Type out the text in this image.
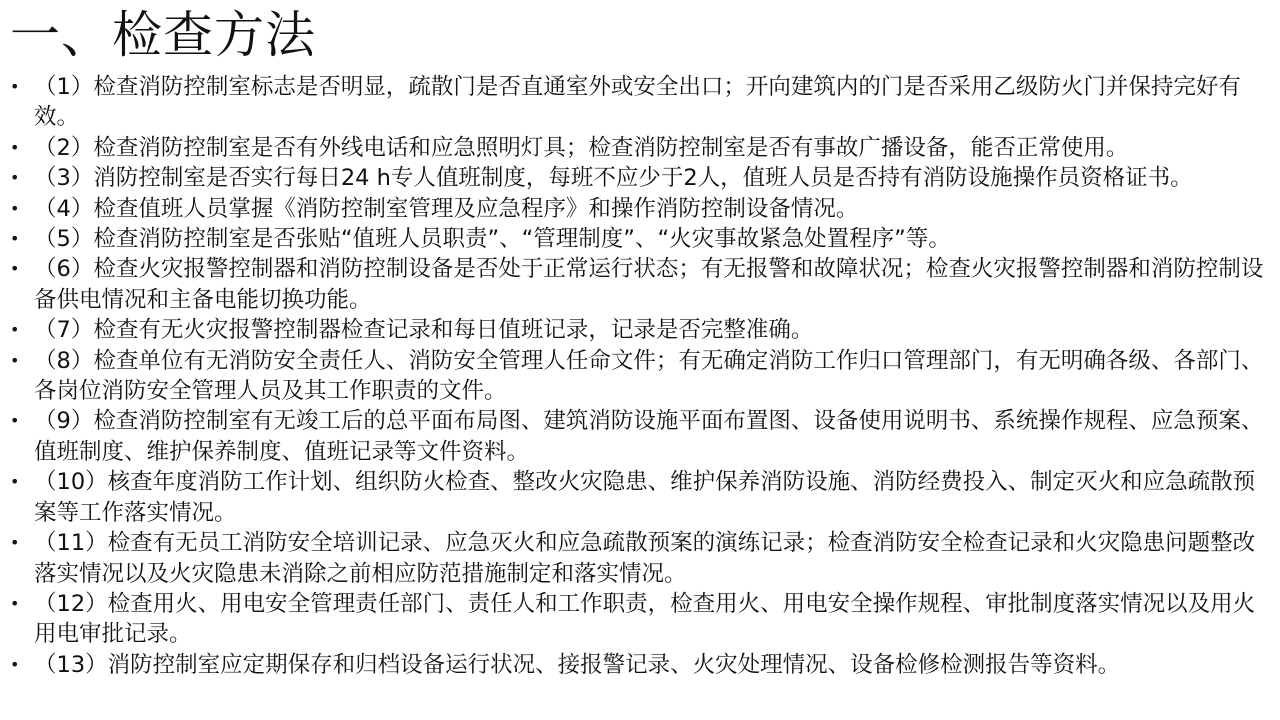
一、检查方法
• （1）检查消防控制室标志是否明显，疏散门是否直通室外或安全出口；开向建筑内的门是否采用乙级防火门并保持完好有效。
• （2）检查消防控制室是否有外线电话和应急照明灯具；检查消防控制室是否有事故广播设备，能否正常使用。
• （3）消防控制室是否实行每日24 h专人值班制度，每班不应少于2人，值班人员是否持有消防设施操作员资格证书。
• （4）检查值班人员掌握《消防控制室管理及应急程序》和操作消防控制设备情况。
• （5）检查消防控制室是否张贴“值班人员职责”、“管理制度”、“火灾事故紧急处置程序”等。
• （6）检查火灾报警控制器和消防控制设备是否处于正常运行状态；有无报警和故障状况；检查火灾报警控制器和消防控制设备供电情况和主备电能切换功能。
• （7）检查有无火灾报警控制器检查记录和每日值班记录，记录是否完整准确。
• （8）检查单位有无消防安全责任人、消防安全管理人任命文件；有无确定消防工作归口管理部门，有无明确各级、各部门、各岗位消防安全管理人员及其工作职责的文件。
• （9）检查消防控制室有无竣工后的总平面布局图、建筑消防设施平面布置图、设备使用说明书、系统操作规程、应急预案、值班制度、维护保养制度、值班记录等文件资料。
• （10）核查年度消防工作计划、组织防火检查、整改火灾隐患、维护保养消防设施、消防经费投入、制定灭火和应急疏散预案等工作落实情况。
• （11）检查有无员工消防安全培训记录、应急灭火和应急疏散预案的演练记录；检查消防安全检查记录和火灾隐患问题整改落实情况以及火灾隐患未消除之前相应防范措施制定和落实情况。
• （12）检查用火、用电安全管理责任部门、责任人和工作职责，检查用火、用电安全操作规程、审批制度落实情况以及用火用电审批记录。
• （13）消防控制室应定期保存和归档设备运行状况、接报警记录、火灾处理情况、设备检修检测报告等资料。
